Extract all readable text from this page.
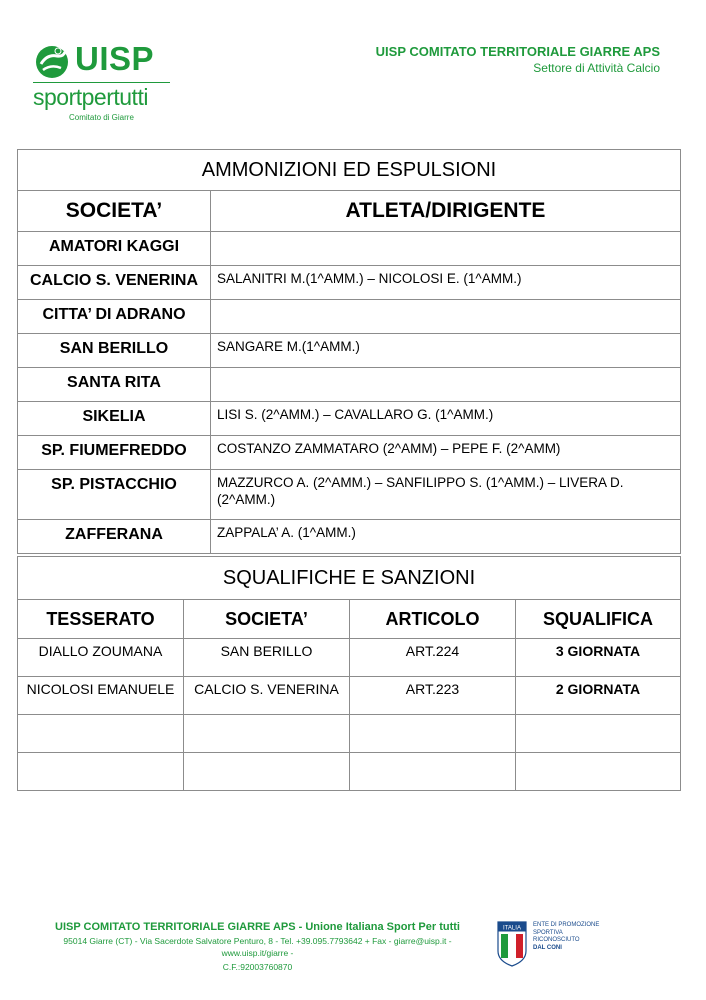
UISP
sportpertutti
Comitato di Giarre
UISP COMITATO TERRITORIALE GIARRE APS
Settore di Attività Calcio
AMMONIZIONI ED ESPULSIONI	
SOCIETA’	ATLETA/DIRIGENTE
AMATORI KAGGI	
CALCIO S. VENERINA	SALANITRI M.(1^AMM.) – NICOLOSI E. (1^AMM.)
CITTA’ DI ADRANO	
SAN BERILLO	SANGARE M.(1^AMM.)
SANTA RITA	
SIKELIA	LISI S. (2^AMM.) – CAVALLARO G. (1^AMM.)
SP. FIUMEFREDDO	COSTANZO ZAMMATARO (2^AMM) – PEPE F. (2^AMM)
SP. PISTACCHIO	MAZZURCO A. (2^AMM.) – SANFILIPPO S. (1^AMM.) – LIVERA D. (2^AMM.)
ZAFFERANA	ZAPPALA’ A. (1^AMM.)
SQUALIFICHE E SANZIONI			
TESSERATO	SOCIETA’	ARTICOLO	SQUALIFICA
DIALLO ZOUMANA	SAN BERILLO	ART.224	3 GIORNATA
NICOLOSI EMANUELE	CALCIO S. VENERINA	ART.223	2 GIORNATA

UISP COMITATO TERRITORIALE GIARRE APS - Unione Italiana Sport Per tutti
95014 Giarre (CT) - Via Sacerdote Salvatore Penturo, 8 - Tel. +39.095.7793642 + Fax - giarre@uisp.it - www.uisp.it/giarre -
C.F.:92003760870
ITALIA
ENTE DI PROMOZIONE
SPORTIVA
RICONOSCIUTO
DAL CONI
